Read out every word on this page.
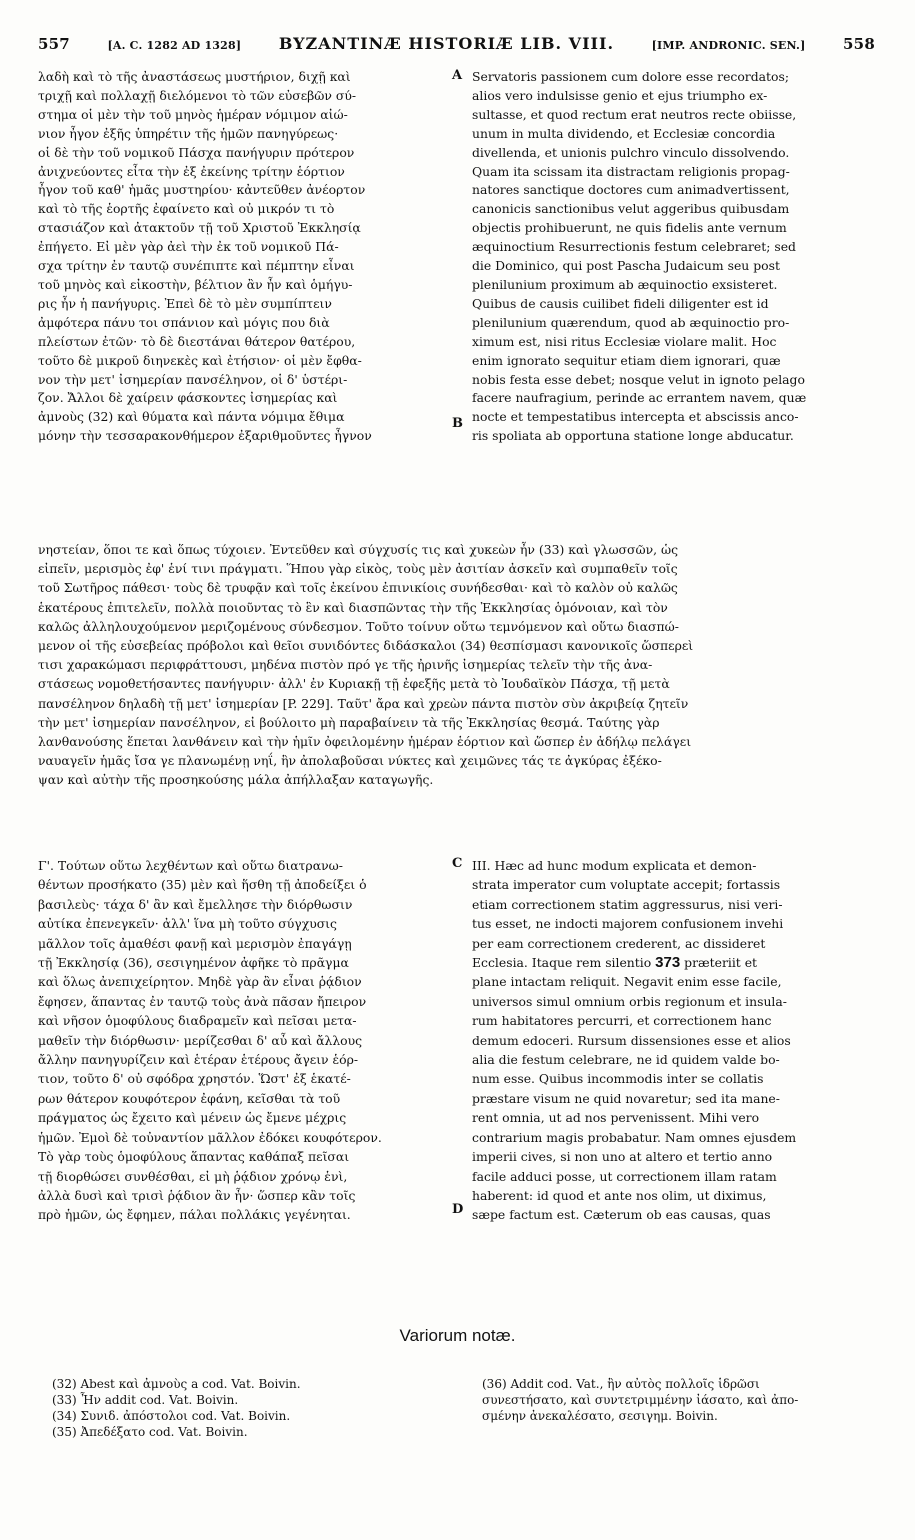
557	[A. C. 1282 AD 1328] BYZANTINÆ HISTORIÆ LIB. VIII.	[IMP. ANDRONIC. SEN.]	558
λαδὴ καὶ τὸ τῆς ἀναστάσεως μυστήριον, διχῇ καὶ
τριχῇ καὶ πολλαχῇ διελόμενοι τὸ τῶν εὐσεβῶν σύ-
στημα οἱ μὲν τὴν τοῦ μηνὸς ἡμέραν νόμιμον αἰώ-
νιον ἦγον ἐξῆς ὑπηρέτιν τῆς ἡμῶν πανηγύρεως·
οἱ δὲ τὴν τοῦ νομικοῦ Πάσχα πανήγυριν πρότερον
ἀνιχνεύοντες εἶτα τὴν ἐξ ἐκείνης τρίτην ἑόρτιον
ἦγον τοῦ καθ' ἡμᾶς μυστηρίου· κἀντεῦθεν ἀνέορτον
καὶ τὸ τῆς ἑορτῆς ἐφαίνετο καὶ οὐ μικρόν τι τὸ
στασιάζον καὶ ἀτακτοῦν τῇ τοῦ Χριστοῦ Ἐκκλησίᾳ
ἐπήγετο. Εἰ μὲν γὰρ ἀεὶ τὴν ἐκ τοῦ νομικοῦ Πά-
σχα τρίτην ἐν ταυτῷ συνέπιπτε καὶ πέμπτην εἶναι
τοῦ μηνὸς καὶ εἰκοστὴν, βέλτιον ἂν ἦν καὶ ὁμήγυ-
ρις ἦν ἡ πανήγυρις. Ἐπεὶ δὲ τὸ μὲν συμπίπτειν
ἀμφότερα πάνυ τοι σπάνιον καὶ μόγις που διὰ
πλείστων ἐτῶν· τὸ δὲ διεστάναι θάτερον θατέρου,
τοῦτο δὲ μικροῦ διηνεκὲς καὶ ἐτήσιον· οἱ μὲν ἔφθα-
νον τὴν μετ' ἰσημερίαν πανσέληνον, οἱ δ' ὑστέρι-
ζον. Ἄλλοι δὲ χαίρειν φάσκοντες ἰσημερίας καὶ
ἀμνοὺς (32) καὶ θύματα καὶ πάντα νόμιμα ἔθιμα
μόνην τὴν τεσσαρακονθήμερον ἐξαριθμοῦντες ἦγνον
A
B
Servatoris passionem cum dolore esse recordatos;
alios vero indulsisse genio et ejus triumpho ex-
sultasse, et quod rectum erat neutros recte obiisse,
unum in multa dividendo, et Ecclesiæ concordia
divellenda, et unionis pulchro vinculo dissolvendo.
Quam ita scissam ita distractam religionis propag-
natores sanctique doctores cum animadvertissent,
canonicis sanctionibus velut aggeribus quibusdam
objectis prohibuerunt, ne quis fidelis ante vernum
æquinoctium Resurrectionis festum celebraret; sed
die Dominico, qui post Pascha Judaicum seu post
plenilunium proximum ab æquinoctio exsisteret.
Quibus de causis cuilibet fideli diligenter est id
plenilunium quærendum, quod ab æquinoctio pro-
ximum est, nisi ritus Ecclesiæ violare malit. Hoc
enim ignorato sequitur etiam diem ignorari, quæ
nobis festa esse debet; nosque velut in ignoto pelago
facere naufragium, perinde ac errantem navem, quæ
nocte et tempestatibus intercepta et abscissis anco-
ris spoliata ab opportuna statione longe abducatur.
νηστείαν, ὅποι τε καὶ ὅπως τύχοιεν. Ἐντεῦθεν καὶ σύγχυσίς τις καὶ χυκεὼν ἦν (33) καὶ γλωσσῶν, ὡς
εἰπεῖν, μερισμὸς ἐφ' ἑνί τινι πράγματι. Ἥπου γὰρ εἰκὸς, τοὺς μὲν ἀσιτίαν ἀσκεῖν καὶ συμπαθεῖν τοῖς
τοῦ Σωτῆρος πάθεσι· τοὺς δὲ τρυφᾷν καὶ τοῖς ἐκείνου ἐπινικίοις συνήδεσθαι· καὶ τὸ καλὸν οὐ καλῶς
ἑκατέρους ἐπιτελεῖν, πολλὰ ποιοῦντας τὸ ἓν καὶ διασπῶντας τὴν τῆς Ἐκκλησίας ὁμόνοιαν, καὶ τὸν
καλῶς ἀλληλουχούμενον μεριζομένους σύνδεσμον. Τοῦτο τοίνυν οὕτω τεμνόμενον καὶ οὕτω διασπώ-
μενον οἱ τῆς εὐσεβείας πρόβολοι καὶ θεῖοι συνιδόντες διδάσκαλοι (34) θεσπίσμασι κανονικοῖς ὥσπερεὶ
τισι χαρακώμασι περιφράττουσι, μηδένα πιστὸν πρό γε τῆς ἠρινῆς ἰσημερίας τελεῖν τὴν τῆς ἀνα-
στάσεως νομοθετήσαντες πανήγυριν· ἀλλ' ἐν Κυριακῇ τῇ ἐφεξῆς μετὰ τὸ Ἰουδαϊκὸν Πάσχα, τῇ μετὰ
πανσέληνον δηλαδὴ τῇ μετ' ἰσημερίαν [P. 229]. Ταῦτ' ἄρα καὶ χρεὼν πάντα πιστὸν σὺν ἀκριβείᾳ ζητεῖν
τὴν μετ' ἰσημερίαν πανσέληνον, εἰ βούλοιτο μὴ παραβαίνειν τὰ τῆς Ἐκκλησίας θεσμά. Ταύτης γὰρ
λανθανούσης ἕπεται λανθάνειν καὶ τὴν ἡμῖν ὀφειλομένην ἡμέραν ἑόρτιον καὶ ὥσπερ ἐν ἀδήλῳ πελάγει
ναυαγεῖν ἡμᾶς ἴσα γε πλανωμένῃ νηΐ, ἣν ἀπολαβοῦσαι νύκτες καὶ χειμῶνες τάς τε ἀγκύρας ἐξέκο-
ψαν καὶ αὐτὴν τῆς προσηκούσης μάλα ἀπήλλαξαν καταγωγῆς.
Γ'. Τούτων οὕτω λεχθέντων καὶ οὕτω διατρανω-
θέντων προσήκατο (35) μὲν καὶ ἥσθη τῇ ἀποδείξει ὁ
βασιλεὺς· τάχα δ' ἂν καὶ ἔμελλησε τὴν διόρθωσιν
αὐτίκα ἐπενεγκεῖν· ἀλλ' ἵνα μὴ τοῦτο σύγχυσις
μᾶλλον τοῖς ἀμαθέσι φανῇ καὶ μερισμὸν ἐπαγάγῃ
τῇ Ἐκκλησίᾳ (36), σεσιγημένον ἀφῆκε τὸ πρᾶγμα
καὶ ὅλως ἀνεπιχείρητον. Μηδὲ γὰρ ἂν εἶναι ῥᾴδιον
ἔφησεν, ἅπαντας ἐν ταυτῷ τοὺς ἀνὰ πᾶσαν ἤπειρον
καὶ νῆσον ὁμοφύλους διαδραμεῖν καὶ πεῖσαι μετα-
μαθεῖν τὴν διόρθωσιν· μερίζεσθαι δ' αὖ καὶ ἄλλους
ἄλλην πανηγυρίζειν καὶ ἑτέραν ἑτέρους ἄγειν ἑόρ-
τιον, τοῦτο δ' οὐ σφόδρα χρηστόν. Ὥστ' ἐξ ἑκατέ-
ρων θάτερον κουφότερον ἐφάνη, κεῖσθαι τὰ τοῦ
πράγματος ὡς ἔχειτο καὶ μένειν ὡς ἔμενε μέχρις
ἡμῶν. Ἐμοὶ δὲ τοὐναντίον μᾶλλον ἐδόκει κουφότερον.
Τὸ γὰρ τοὺς ὁμοφύλους ἅπαντας καθάπαξ πεῖσαι
τῇ διορθώσει συνθέσθαι, εἰ μὴ ῥᾴδιον χρόνῳ ἑνὶ,
ἀλλὰ δυσὶ καὶ τρισὶ ῥᾴδιον ἂν ἦν· ὥσπερ κἂν τοῖς
πρὸ ἡμῶν, ὡς ἔφημεν, πάλαι πολλάκις γεγένηται.
C
D
III. Hæc ad hunc modum explicata et demon-
strata imperator cum voluptate accepit; fortassis
etiam correctionem statim aggressurus, nisi veri-
tus esset, ne indocti majorem confusionem invehi
per eam correctionem crederent, ac dissideret
Ecclesia. Itaque rem silentio 373 præteriit et
plane intactam reliquit. Negavit enim esse facile,
universos simul omnium orbis regionum et insula-
rum habitatores percurri, et correctionem hanc
demum edoceri. Rursum dissensiones esse et alios
alia die festum celebrare, ne id quidem valde bo-
num esse. Quibus incommodis inter se collatis
præstare visum ne quid novaretur; sed ita mane-
rent omnia, ut ad nos pervenissent. Mihi vero
contrarium magis probabatur. Nam omnes ejusdem
imperii cives, si non uno at altero et tertio anno
facile adduci posse, ut correctionem illam ratam
haberent: id quod et ante nos olim, ut diximus,
sæpe factum est. Cæterum ob eas causas, quas
Variorum notæ.
(32) Abest καὶ ἀμνοὺς a cod. Vat. Boivin.
(33) Ἦν addit cod. Vat. Boivin.
(34) Συνιδ. ἀπόστολοι cod. Vat. Boivin.
(35) Ἀπεδέξατο cod. Vat. Boivin.
(36) Addit cod. Vat., ἣν αὐτὸς πολλοῖς ἱδρῶσι
συνεστήσατο, καὶ συντετριμμένην ἰάσατο, καὶ ἀπο-
σμένην ἀνεκαλέσατο, σεσιγημ. Boivin.
